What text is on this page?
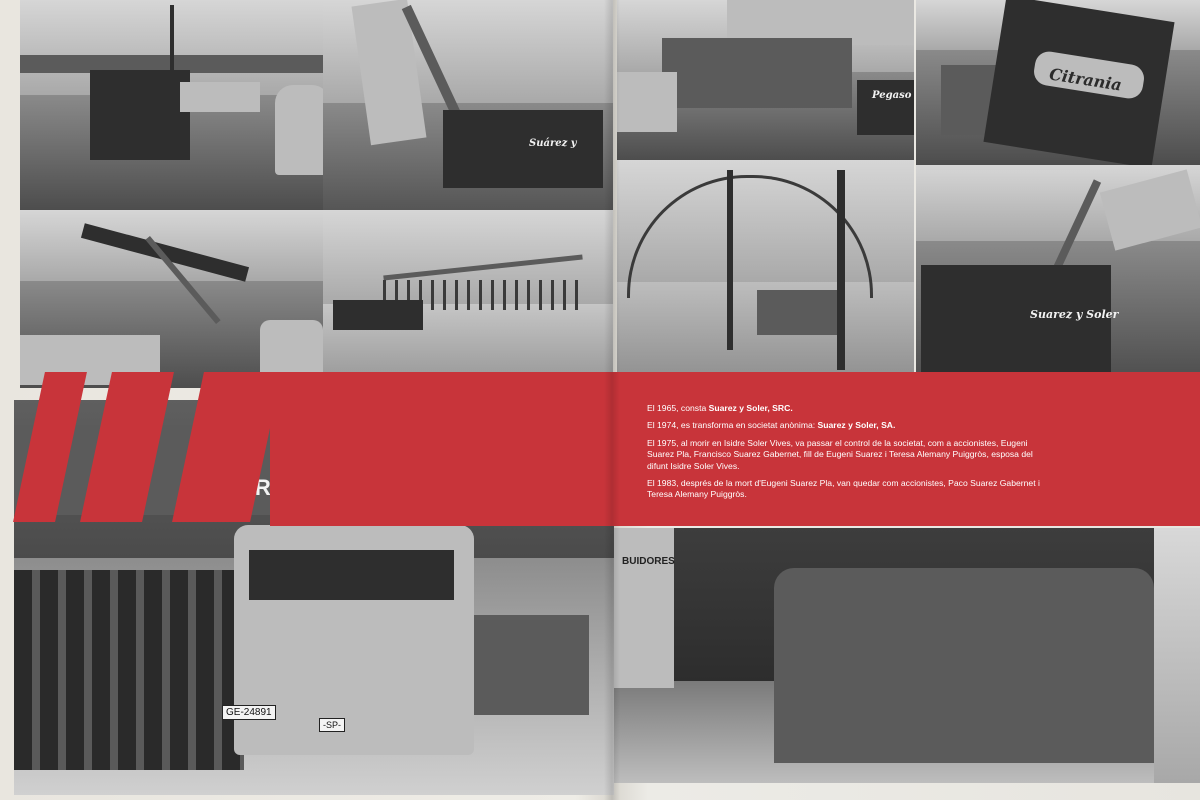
Suárez y
Pegaso
Citrania
Suarez y Soler
GE-24891
-SP-
BUIDORES

El 1965, consta Suarez y Soler, SRC.

El 1974, es transforma en societat anònima: Suarez y Soler, SA.

El 1975, al morir en Isidre Soler Vives, va passar el control de la societat, com a accionistes, Eugeni Suarez Pla, Francisco Suarez Gabernet, fill de Eugeni Suarez i Teresa Alemany Puiggròs, esposa del difunt Isidre Soler Vives.

El 1983, després de la mort d'Eugeni Suarez Pla, van quedar com accionistes, Paco Suarez Gabernet i Teresa Alemany Puiggròs.
